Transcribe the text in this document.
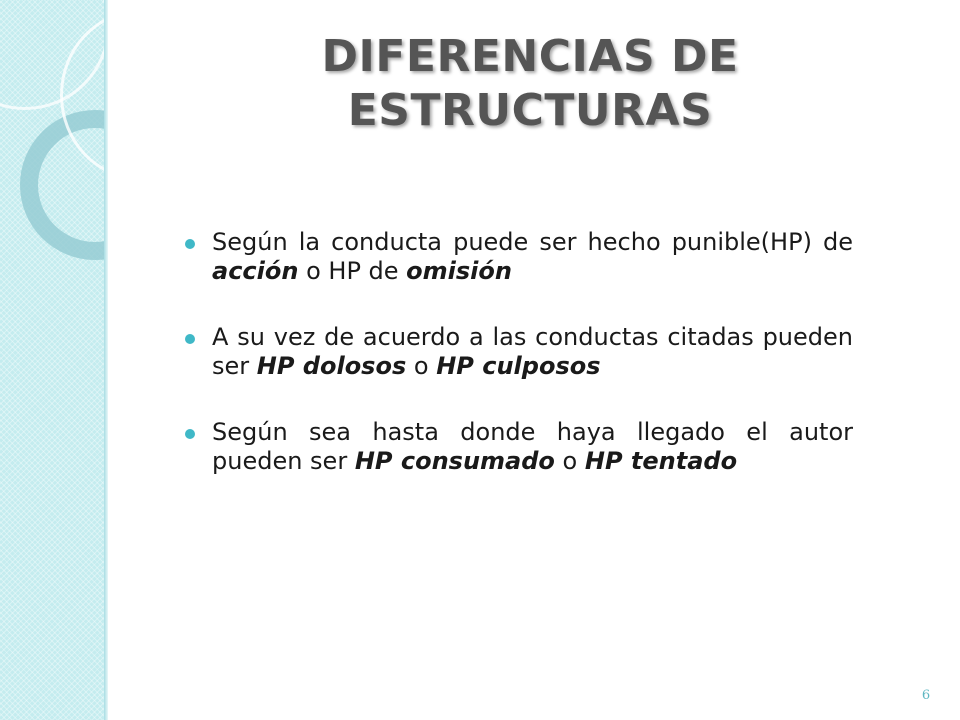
DIFERENCIAS DE ESTRUCTURAS
Según la conducta puede ser hecho punible(HP) de acción o HP de omisión
A su vez de acuerdo a las conductas citadas pueden ser HP dolosos o HP culposos
Según sea hasta donde haya llegado el autor pueden ser HP consumado o HP tentado
6
